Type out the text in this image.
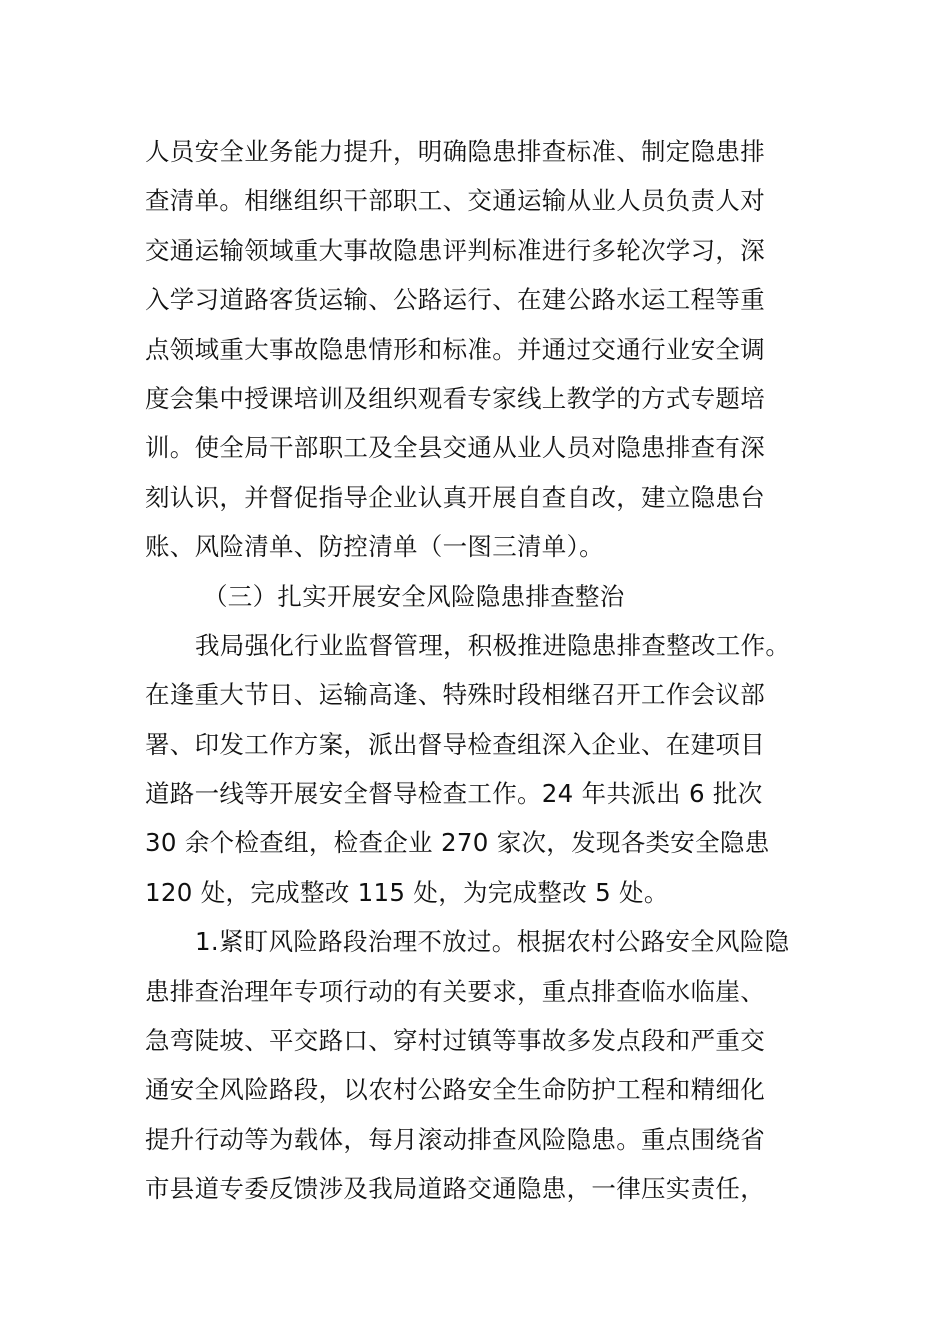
人员安全业务能力提升，明确隐患排查标准、制定隐患排
查清单。相继组织干部职工、交通运输从业人员负责人对
交通运输领域重大事故隐患评判标准进行多轮次学习，深
入学习道路客货运输、公路运行、在建公路水运工程等重
点领域重大事故隐患情形和标准。并通过交通行业安全调
度会集中授课培训及组织观看专家线上教学的方式专题培
训。使全局干部职工及全县交通从业人员对隐患排查有深
刻认识，并督促指导企业认真开展自查自改，建立隐患台
账、风险清单、防控清单（一图三清单）。
（三）扎实开展安全风险隐患排查整治
我局强化行业监督管理，积极推进隐患排查整改工作。
在逢重大节日、运输高逢、特殊时段相继召开工作会议部
署、印发工作方案，派出督导检查组深入企业、在建项目
道路一线等开展安全督导检查工作。24 年共派出 6 批次
30 余个检查组，检查企业 270 家次，发现各类安全隐患
120 处，完成整改 115 处，为完成整改 5 处。
1.紧盯风险路段治理不放过。根据农村公路安全风险隐
患排查治理年专项行动的有关要求，重点排查临水临崖、
急弯陡坡、平交路口、穿村过镇等事故多发点段和严重交
通安全风险路段，以农村公路安全生命防护工程和精细化
提升行动等为载体，每月滚动排查风险隐患。重点围绕省
市县道专委反馈涉及我局道路交通隐患，一律压实责任，
